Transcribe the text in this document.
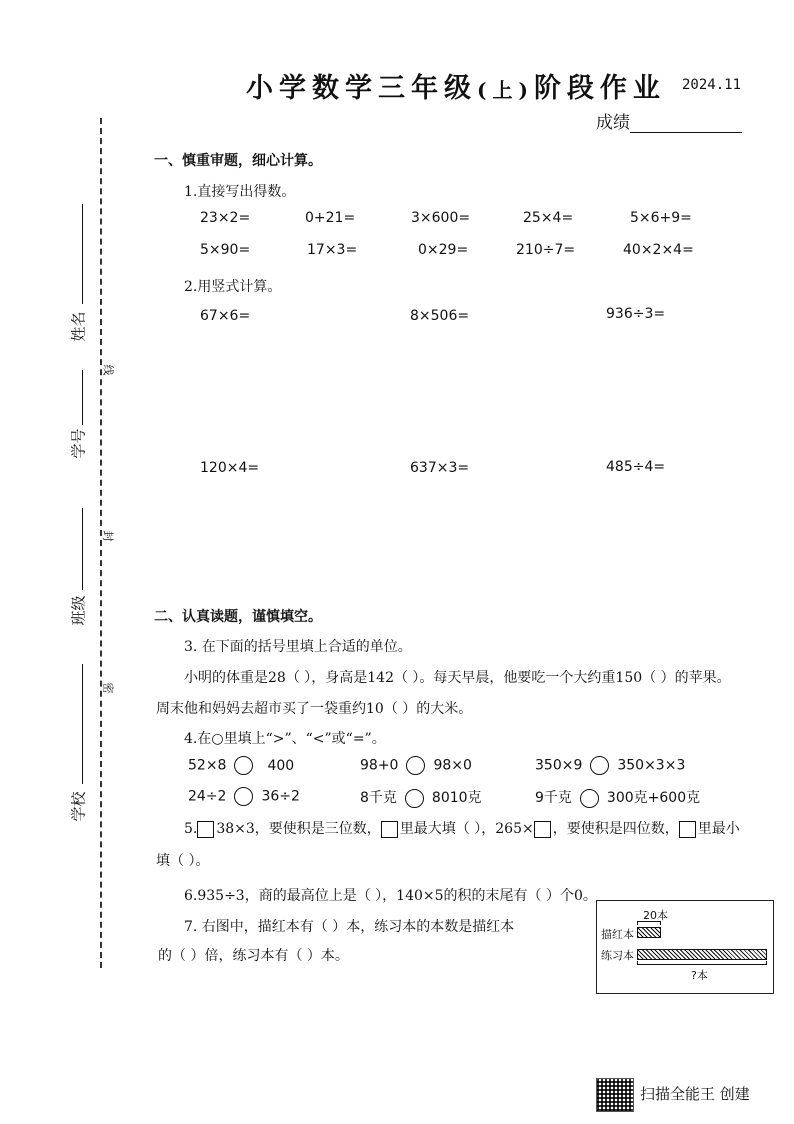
小学数学三年级(上)阶段作业 2024.11
成绩
线
封
密
姓名
学号
班级
学校
一、慎重审题，细心计算。
1.直接写出得数。
23×2=	0+21=	3×600=	25×4=	5×6+9=
5×90=	17×3=	0×29=	210÷7=	40×2×4=
2.用竖式计算。
67×6=	8×506=	936÷3=
120×4=	637×3=	485÷4=
二、认真读题，谨慎填空。
3. 在下面的括号里填上合适的单位。
小明的体重是28（ ），身高是142（ ）。每天早晨，他要吃一个大约重150（ ）的苹果。
周末他和妈妈去超市买了一袋重约10（ ）的大米。
4.在○里填上“>”、“<”或“=”。
52×8	400	98+0	98×0	350×9	350×3×3
24÷2	36÷2	8千克	8010克	9千克	300克+600克
5. 38×3，要使积是三位数， 里最大填（ ），265× ，要使积是四位数， 里最小
填（ ）。
6.935÷3，商的最高位上是（ ），140×5的积的末尾有（ ）个0。
7. 右图中，描红本有（ ）本，练习本的本数是描红本
的（ ）倍，练习本有（ ）本。
20本
描红本
练习本
?本
扫描全能王 创建
